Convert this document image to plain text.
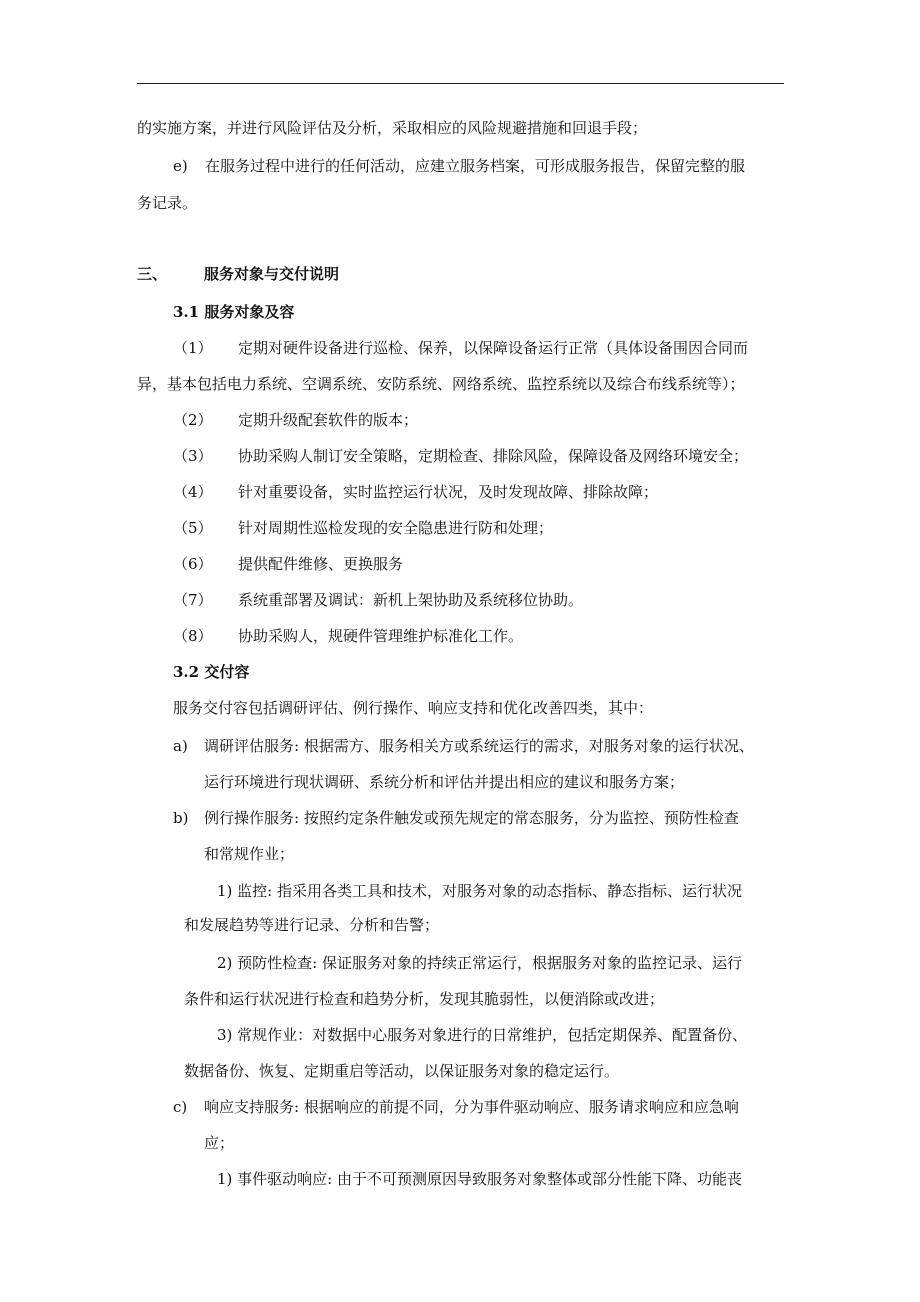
的实施方案，并进行风险评估及分析，采取相应的风险规避措施和回退手段；
e) 在服务过程中进行的任何活动，应建立服务档案，可形成服务报告，保留完整的服
务记录。
三、 服务对象与交付说明
3.1 服务对象及容
（1） 定期对硬件设备进行巡检、保养，以保障设备运行正常（具体设备围因合同而
异，基本包括电力系统、空调系统、安防系统、网络系统、监控系统以及综合布线系统等）；
（2） 定期升级配套软件的版本；
（3） 协助采购人制订安全策略，定期检查、排除风险，保障设备及网络环境安全；
（4） 针对重要设备，实时监控运行状况，及时发现故障、排除故障；
（5） 针对周期性巡检发现的安全隐患进行防和处理；
（6） 提供配件维修、更换服务
（7） 系统重部署及调试：新机上架协助及系统移位协助。
（8） 协助采购人，规硬件管理维护标准化工作。
3.2 交付容
服务交付容包括调研评估、例行操作、响应支持和优化改善四类，其中：
a) 调研评估服务: 根据需方、服务相关方或系统运行的需求，对服务对象的运行状况、
运行环境进行现状调研、系统分析和评估并提出相应的建议和服务方案；
b) 例行操作服务: 按照约定条件触发或预先规定的常态服务，分为监控、预防性检查
和常规作业；
1) 监控: 指采用各类工具和技术，对服务对象的动态指标、静态指标、运行状况
和发展趋势等进行记录、分析和告警；
2) 预防性检查: 保证服务对象的持续正常运行，根据服务对象的监控记录、运行
条件和运行状况进行检查和趋势分析，发现其脆弱性，以便消除或改进；
3) 常规作业：对数据中心服务对象进行的日常维护，包括定期保养、配置备份、
数据备份、恢复、定期重启等活动，以保证服务对象的稳定运行。
c) 响应支持服务: 根据响应的前提不同，分为事件驱动响应、服务请求响应和应急响
应；
1) 事件驱动响应: 由于不可预测原因导致服务对象整体或部分性能下降、功能丧
